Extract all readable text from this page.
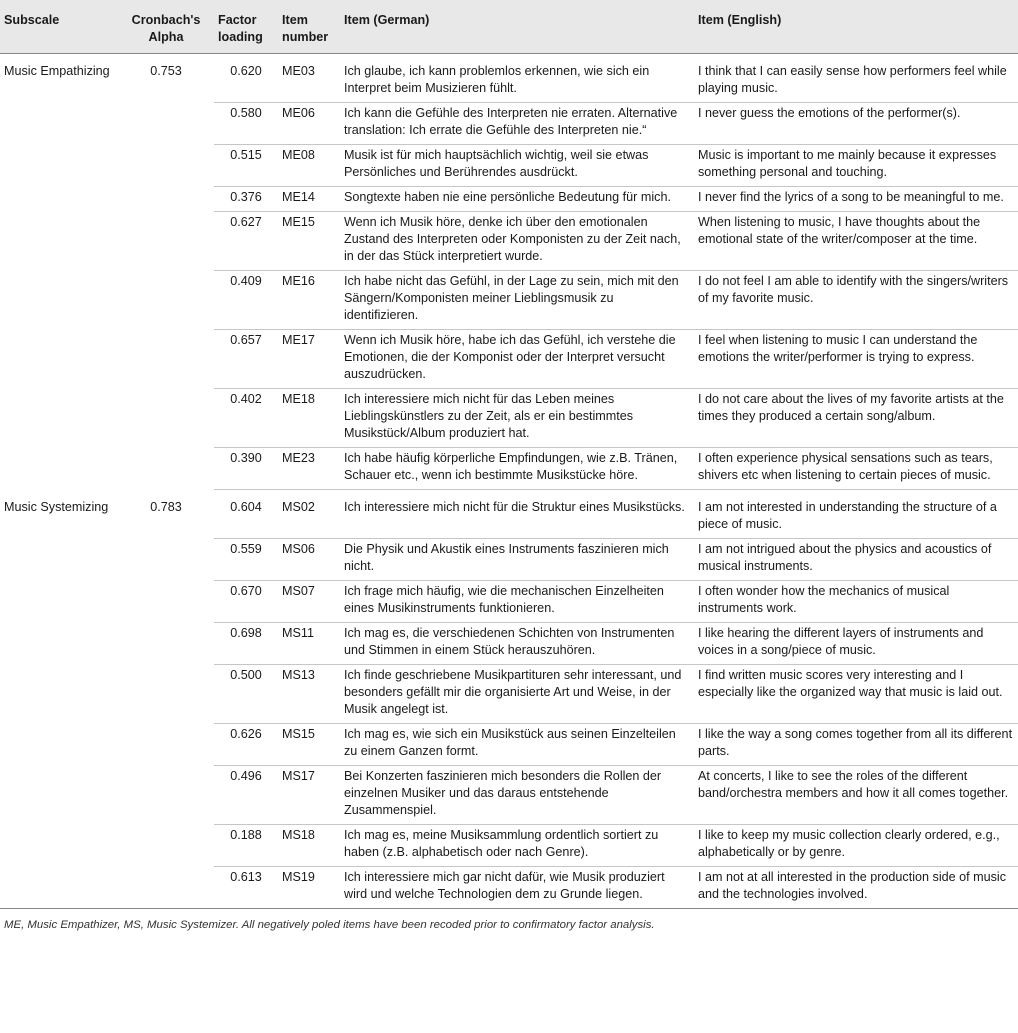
Subscale	Cronbach's Alpha	Factor loading	Item number	Item (German)	Item (English)
Music Empathizing	0.753	0.620	ME03	Ich glaube, ich kann problemlos erkennen, wie sich ein Interpret beim Musizieren fühlt.	I think that I can easily sense how performers feel while playing music.
		0.580	ME06	Ich kann die Gefühle des Interpreten nie erraten. Alternative translation: Ich errate die Gefühle des Interpreten nie.“	I never guess the emotions of the performer(s).
		0.515	ME08	Musik ist für mich hauptsächlich wichtig, weil sie etwas Persönliches und Berührendes ausdrückt.	Music is important to me mainly because it expresses something personal and touching.
		0.376	ME14	Songtexte haben nie eine persönliche Bedeutung für mich.	I never find the lyrics of a song to be meaningful to me.
		0.627	ME15	Wenn ich Musik höre, denke ich über den emotionalen Zustand des Interpreten oder Komponisten zu der Zeit nach, in der das Stück interpretiert wurde.	When listening to music, I have thoughts about the emotional state of the writer/composer at the time.
		0.409	ME16	Ich habe nicht das Gefühl, in der Lage zu sein, mich mit den Sängern/Komponisten meiner Lieblingsmusik zu identifizieren.	I do not feel I am able to identify with the singers/writers of my favorite music.
		0.657	ME17	Wenn ich Musik höre, habe ich das Gefühl, ich verstehe die Emotionen, die der Komponist oder der Interpret versucht auszudrücken.	I feel when listening to music I can understand the emotions the writer/performer is trying to express.
		0.402	ME18	Ich interessiere mich nicht für das Leben meines Lieblingskünstlers zu der Zeit, als er ein bestimmtes Musikstück/Album produziert hat.	I do not care about the lives of my favorite artists at the times they produced a certain song/album.
		0.390	ME23	Ich habe häufig körperliche Empfindungen, wie z.B. Tränen, Schauer etc., wenn ich bestimmte Musikstücke höre.	I often experience physical sensations such as tears, shivers etc when listening to certain pieces of music.
Music Systemizing	0.783	0.604	MS02	Ich interessiere mich nicht für die Struktur eines Musikstücks.	I am not interested in understanding the structure of a piece of music.
		0.559	MS06	Die Physik und Akustik eines Instruments faszinieren mich nicht.	I am not intrigued about the physics and acoustics of musical instruments.
		0.670	MS07	Ich frage mich häufig, wie die mechanischen Einzelheiten eines Musikinstruments funktionieren.	I often wonder how the mechanics of musical instruments work.
		0.698	MS11	Ich mag es, die verschiedenen Schichten von Instrumenten und Stimmen in einem Stück herauszuhören.	I like hearing the different layers of instruments and voices in a song/piece of music.
		0.500	MS13	Ich finde geschriebene Musikpartituren sehr interessant, und besonders gefällt mir die organisierte Art und Weise, in der Musik angelegt ist.	I find written music scores very interesting and I especially like the organized way that music is laid out.
		0.626	MS15	Ich mag es, wie sich ein Musikstück aus seinen Einzelteilen zu einem Ganzen formt.	I like the way a song comes together from all its different parts.
		0.496	MS17	Bei Konzerten faszinieren mich besonders die Rollen der einzelnen Musiker und das daraus entstehende Zusammenspiel.	At concerts, I like to see the roles of the different band/orchestra members and how it all comes together.
		0.188	MS18	Ich mag es, meine Musiksammlung ordentlich sortiert zu haben (z.B. alphabetisch oder nach Genre).	I like to keep my music collection clearly ordered, e.g., alphabetically or by genre.
		0.613	MS19	Ich interessiere mich gar nicht dafür, wie Musik produziert wird und welche Technologien dem zu Grunde liegen.	I am not at all interested in the production side of music and the technologies involved.
ME, Music Empathizer, MS, Music Systemizer. All negatively poled items have been recoded prior to confirmatory factor analysis.
